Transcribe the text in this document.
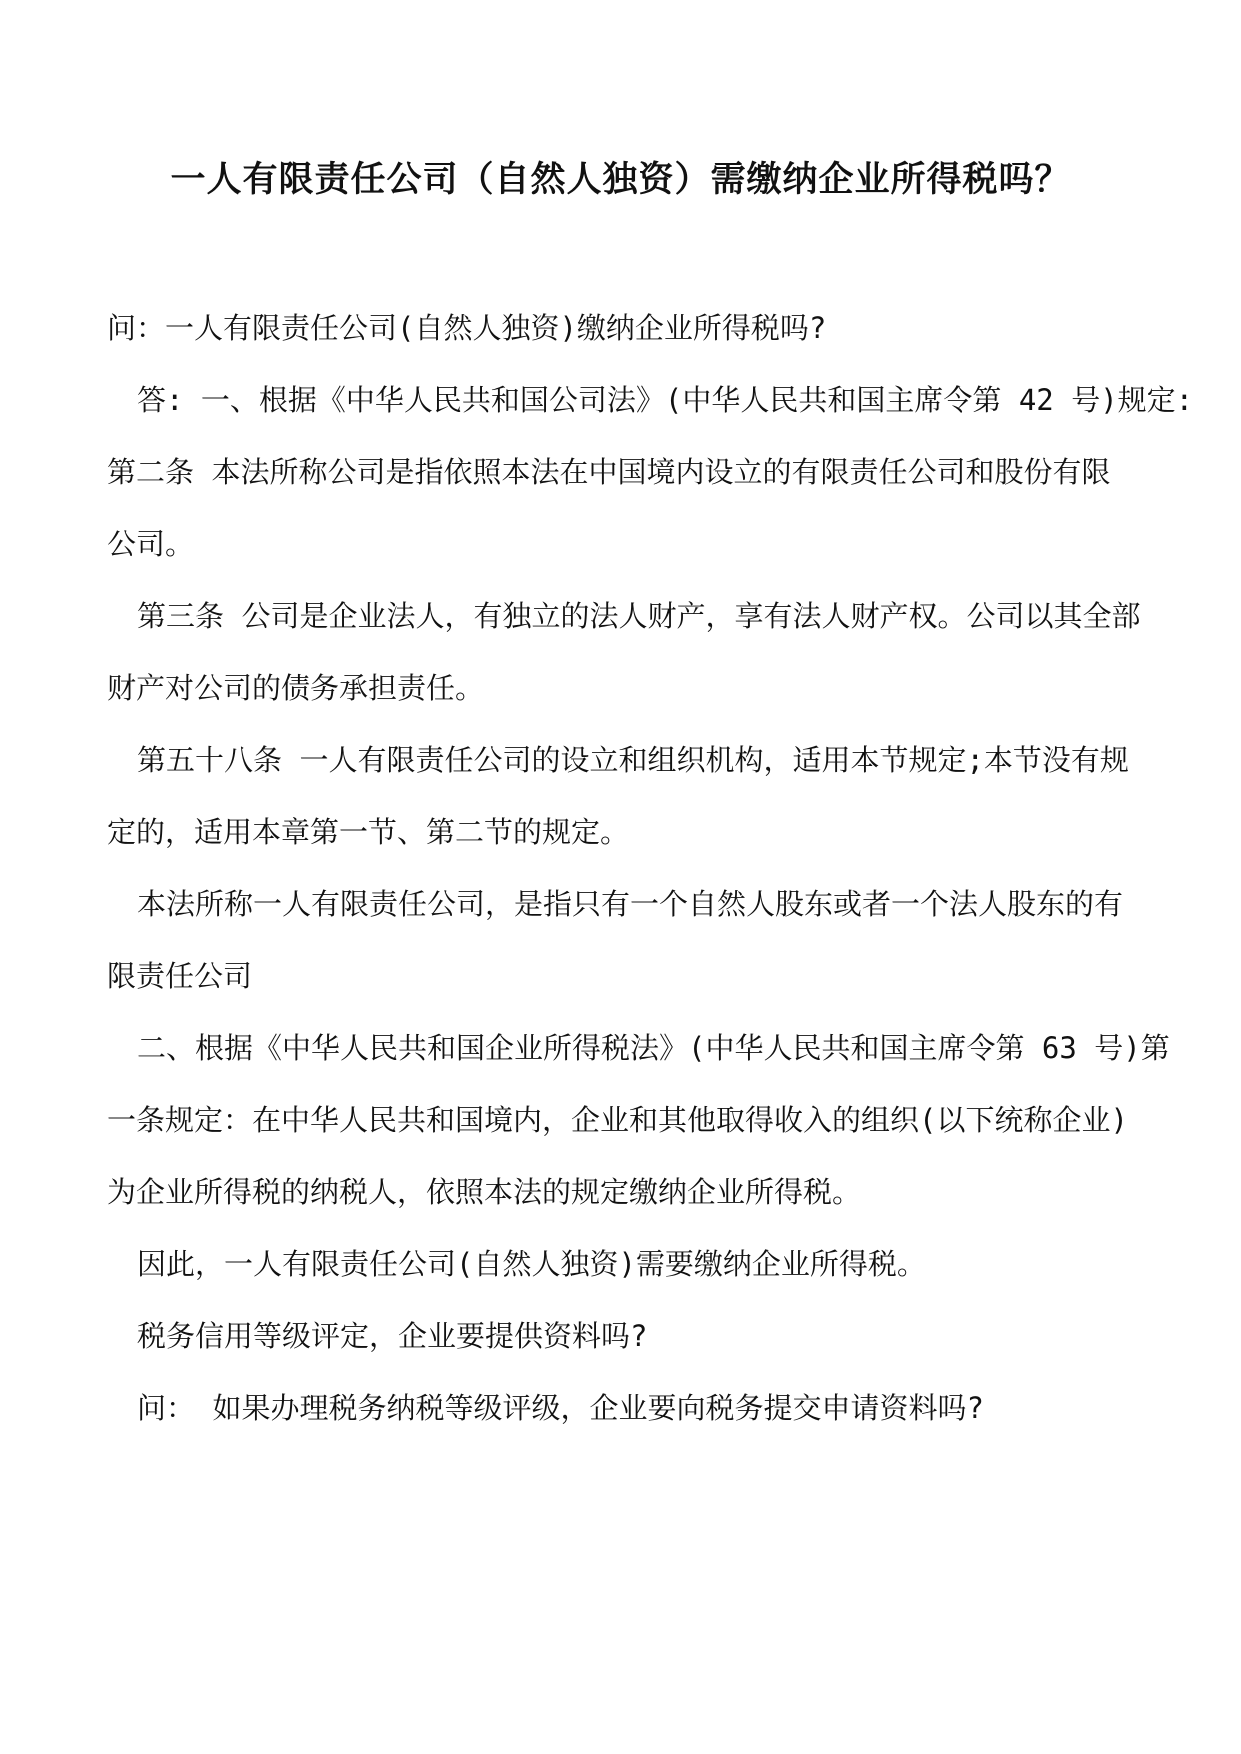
一人有限责任公司（自然人独资）需缴纳企业所得税吗？

问：一人有限责任公司(自然人独资)缴纳企业所得税吗?

答: 一、根据《中华人民共和国公司法》(中华人民共和国主席令第 42 号)规定:

第二条 本法所称公司是指依照本法在中国境内设立的有限责任公司和股份有限

公司。

第三条 公司是企业法人，有独立的法人财产，享有法人财产权。公司以其全部

财产对公司的债务承担责任。

第五十八条 一人有限责任公司的设立和组织机构，适用本节规定;本节没有规

定的，适用本章第一节、第二节的规定。

本法所称一人有限责任公司，是指只有一个自然人股东或者一个法人股东的有

限责任公司

二、根据《中华人民共和国企业所得税法》(中华人民共和国主席令第 63 号)第

一条规定：在中华人民共和国境内，企业和其他取得收入的组织(以下统称企业)

为企业所得税的纳税人，依照本法的规定缴纳企业所得税。

因此，一人有限责任公司(自然人独资)需要缴纳企业所得税。

税务信用等级评定，企业要提供资料吗?

问： 如果办理税务纳税等级评级，企业要向税务提交申请资料吗?
